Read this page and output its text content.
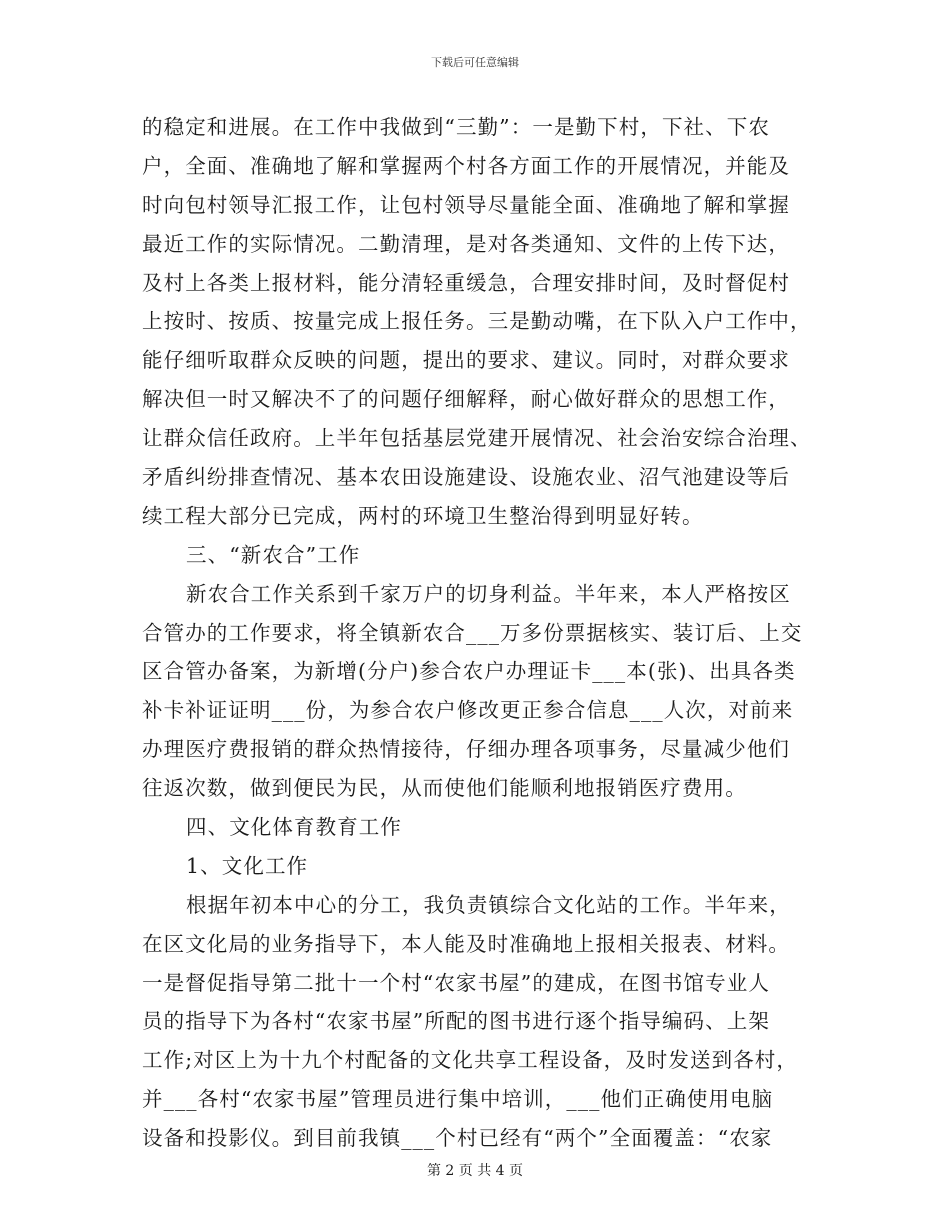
下载后可任意编辑
的稳定和进展。在工作中我做到“三勤”：一是勤下村，下社、下农
户，全面、准确地了解和掌握两个村各方面工作的开展情况，并能及
时向包村领导汇报工作，让包村领导尽量能全面、准确地了解和掌握
最近工作的实际情况。二勤清理，是对各类通知、文件的上传下达，
及村上各类上报材料，能分清轻重缓急，合理安排时间，及时督促村
上按时、按质、按量完成上报任务。三是勤动嘴，在下队入户工作中，
能仔细听取群众反映的问题，提出的要求、建议。同时，对群众要求
解决但一时又解决不了的问题仔细解释，耐心做好群众的思想工作，
让群众信任政府。上半年包括基层党建开展情况、社会治安综合治理、
矛盾纠纷排查情况、基本农田设施建设、设施农业、沼气池建设等后
续工程大部分已完成，两村的环境卫生整治得到明显好转。
三、“新农合”工作
新农合工作关系到千家万户的切身利益。半年来，本人严格按区
合管办的工作要求，将全镇新农合___万多份票据核实、装订后、上交
区合管办备案，为新增(分户)参合农户办理证卡___本(张)、出具各类
补卡补证证明___份，为参合农户修改更正参合信息___人次，对前来
办理医疗费报销的群众热情接待，仔细办理各项事务，尽量减少他们
往返次数，做到便民为民，从而使他们能顺利地报销医疗费用。
四、文化体育教育工作
1、文化工作
根据年初本中心的分工，我负责镇综合文化站的工作。半年来，
在区文化局的业务指导下，本人能及时准确地上报相关报表、材料。
一是督促指导第二批十一个村“农家书屋”的建成，在图书馆专业人
员的指导下为各村“农家书屋”所配的图书进行逐个指导编码、上架
工作;对区上为十九个村配备的文化共享工程设备，及时发送到各村，
并___各村“农家书屋”管理员进行集中培训，___他们正确使用电脑
设备和投影仪。到目前我镇___个村已经有“两个”全面覆盖：“农家
第 2 页 共 4 页
